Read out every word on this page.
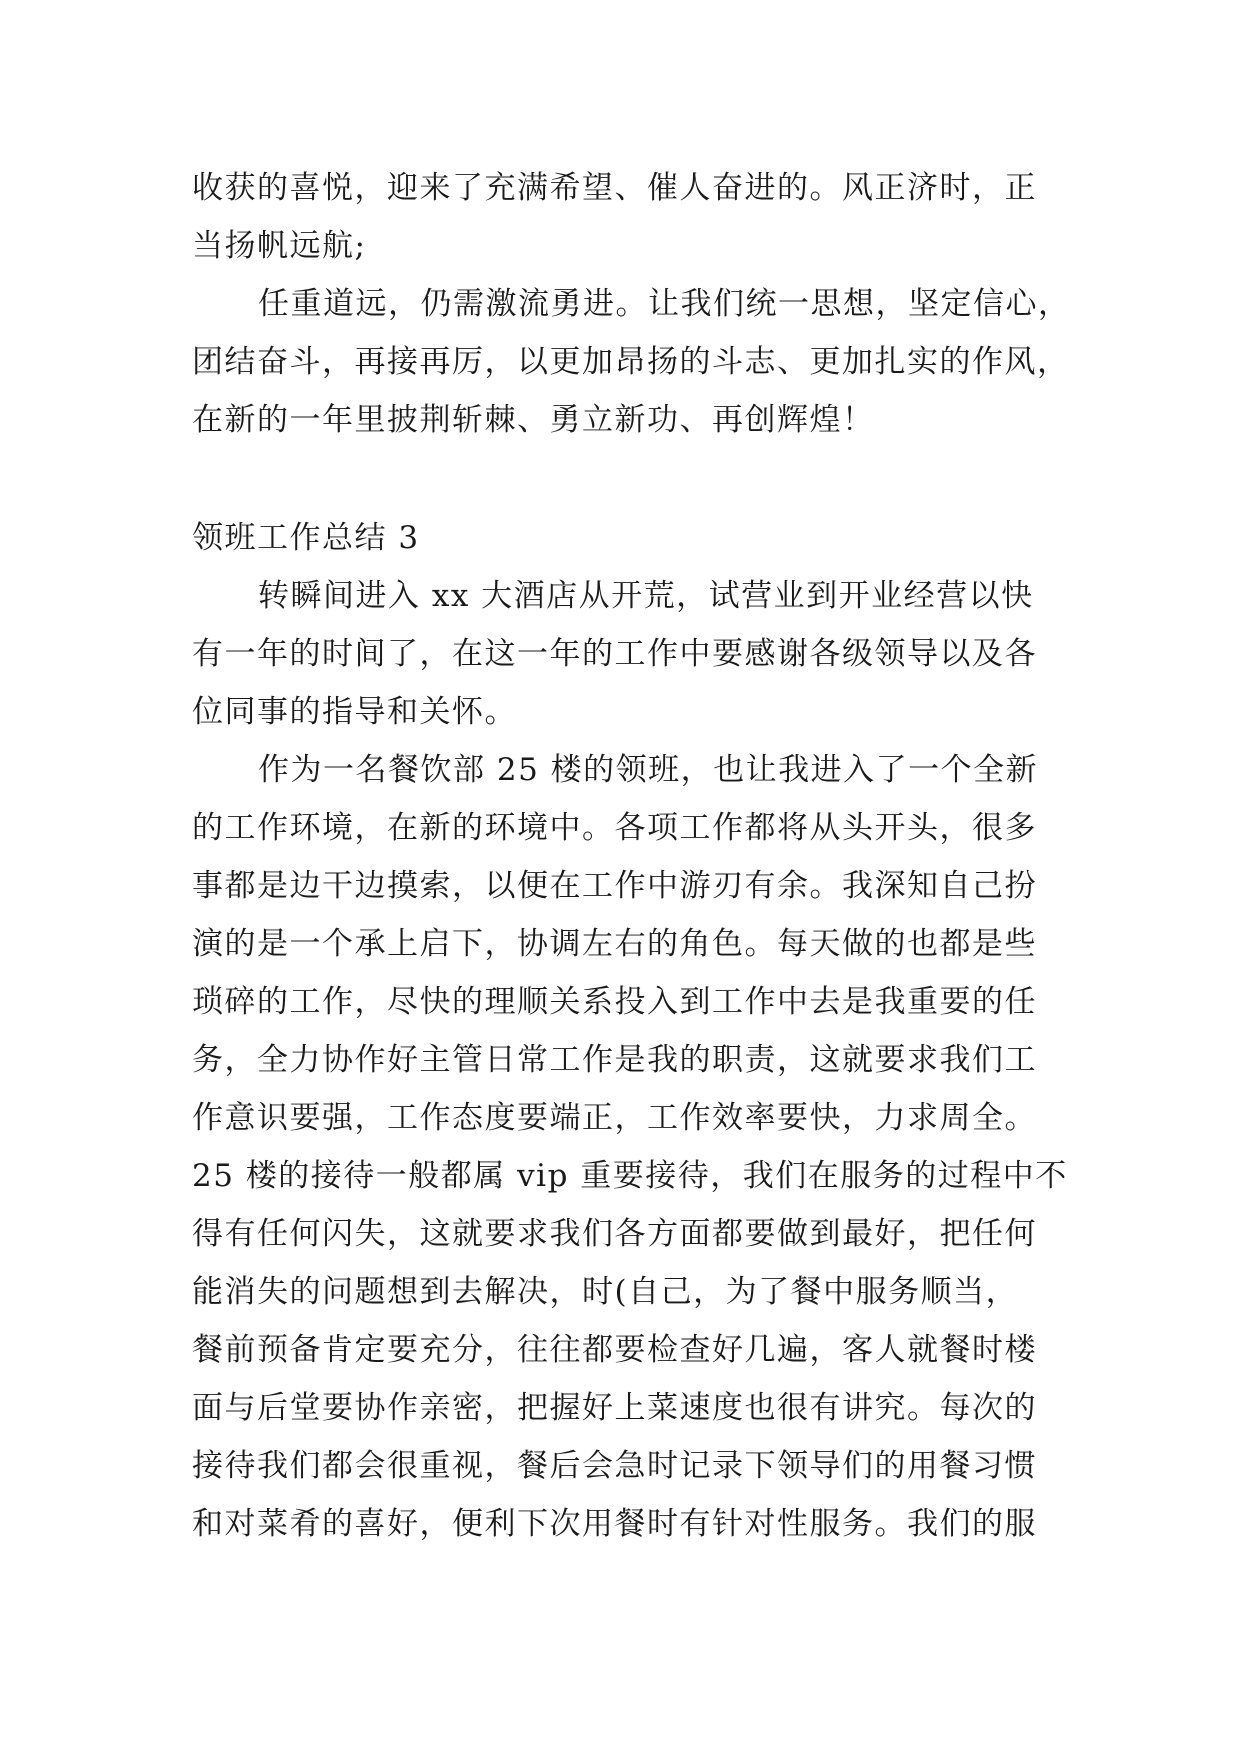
收获的喜悦，迎来了充满希望、催人奋进的。风正济时，正
当扬帆远航;
任重道远，仍需激流勇进。让我们统一思想，坚定信心，
团结奋斗，再接再厉，以更加昂扬的斗志、更加扎实的作风，
在新的一年里披荆斩棘、勇立新功、再创辉煌！
领班工作总结 3
转瞬间进入 xx 大酒店从开荒，试营业到开业经营以快
有一年的时间了，在这一年的工作中要感谢各级领导以及各
位同事的指导和关怀。
作为一名餐饮部 25 楼的领班，也让我进入了一个全新
的工作环境，在新的环境中。各项工作都将从头开头，很多
事都是边干边摸索，以便在工作中游刃有余。我深知自己扮
演的是一个承上启下，协调左右的角色。每天做的也都是些
琐碎的工作，尽快的理顺关系投入到工作中去是我重要的任
务，全力协作好主管日常工作是我的职责，这就要求我们工
作意识要强，工作态度要端正，工作效率要快，力求周全。
25 楼的接待一般都属 vip 重要接待，我们在服务的过程中不
得有任何闪失，这就要求我们各方面都要做到最好，把任何
能消失的问题想到去解决，时(自己，为了餐中服务顺当，
餐前预备肯定要充分，往往都要检查好几遍，客人就餐时楼
面与后堂要协作亲密，把握好上菜速度也很有讲究。每次的
接待我们都会很重视，餐后会急时记录下领导们的用餐习惯
和对菜肴的喜好，便利下次用餐时有针对性服务。我们的服
